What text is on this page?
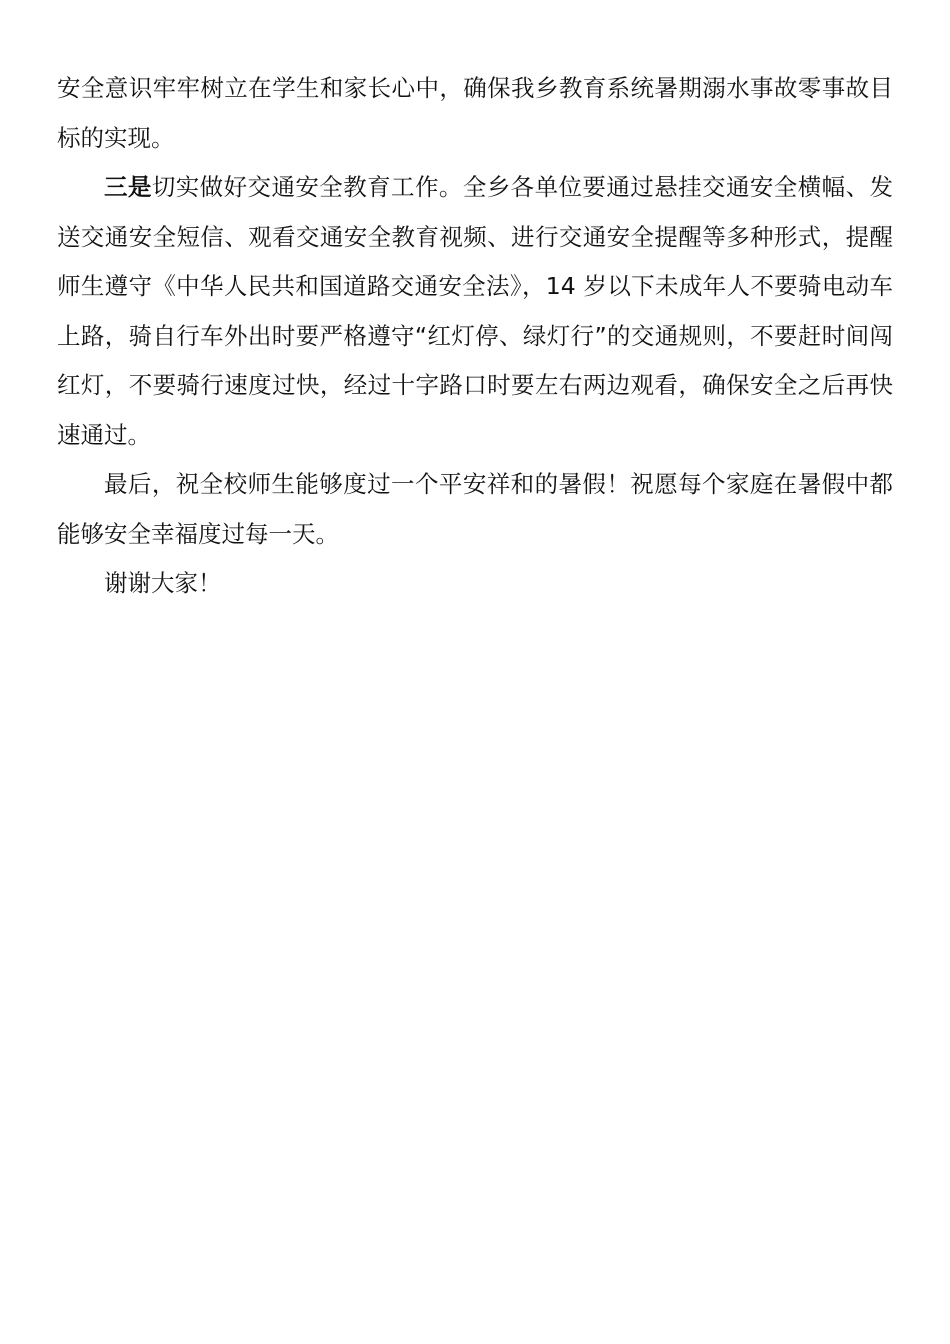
安全意识牢牢树立在学生和家长心中，确保我乡教育系统暑期溺水事故零事故目标的实现。

三是切实做好交通安全教育工作。全乡各单位要通过悬挂交通安全横幅、发送交通安全短信、观看交通安全教育视频、进行交通安全提醒等多种形式，提醒师生遵守《中华人民共和国道路交通安全法》，14 岁以下未成年人不要骑电动车上路，骑自行车外出时要严格遵守“红灯停、绿灯行”的交通规则，不要赶时间闯红灯，不要骑行速度过快，经过十字路口时要左右两边观看，确保安全之后再快速通过。

最后，祝全校师生能够度过一个平安祥和的暑假！祝愿每个家庭在暑假中都能够安全幸福度过每一天。

谢谢大家！
